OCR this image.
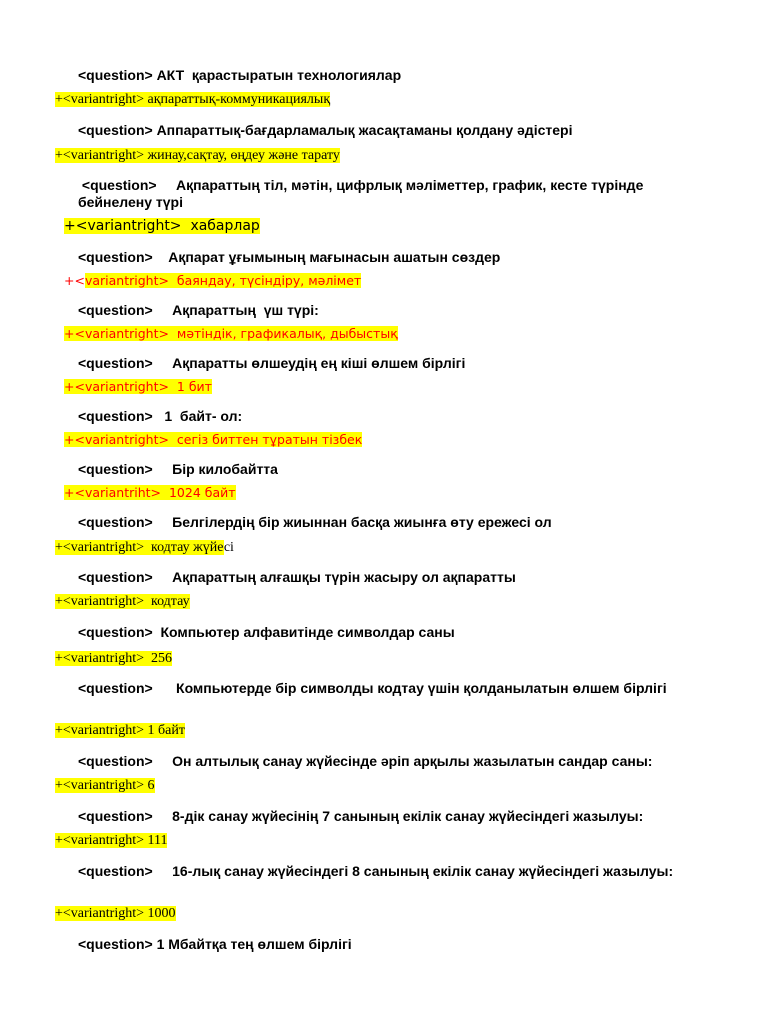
<question> АКТ  қарастыратын технологиялар
+<variantright> ақпараттық-коммуникациялық
<question> Аппараттық-бағдарламалық жасақтаманы қолдану әдістері
+<variantright> жинау,сақтау, өңдеу және тарату
<question>     Ақпараттың тіл, мәтін, цифрлық мәліметтер, график, кесте түрінде бейнелену түрі
+<variantright>  хабарлар
<question>    Ақпарат ұғымының мағынасын ашатын сөздер
+<variantright>  баяндау, түсіндіру, мәлімет
<question>     Ақпараттың  үш түрі:
+<variantright>  мәтіндік, графикалық, дыбыстық
<question>     Ақпаратты өлшеудің ең кіші өлшем бірлігі
+<variantright>  1 бит
<question>   1  байт- ол:
+<variantright>  сегіз биттен тұратын тізбек
<question>     Бір килобайтта
+<variantriht>  1024 байт
<question>     Белгілердің бір жиыннан басқа жиынға өту ережесі ол
+<variantright>  кодтау жүйесі
<question>     Ақпараттың алғашқы түрін жасыру ол ақпаратты
+<variantright>  кодтау
<question>  Компьютер алфавитінде символдар саны
+<variantright>  256
<question>      Компьютерде бір символды кодтау үшін қолданылатын өлшем бірлігі
+<variantright> 1 байт
<question>     Он алтылық санау жүйесінде әріп арқылы жазылатын сандар саны:
+<variantright> 6
<question>     8-дік санау жүйесінің 7 санының екілік санау жүйесіндегі жазылуы:
+<variantright> 111
<question>     16-лық санау жүйесіндегі 8 санының екілік санау жүйесіндегі жазылуы:
+<variantright> 1000
<question> 1 Мбайтқа тең өлшем бірлігі
